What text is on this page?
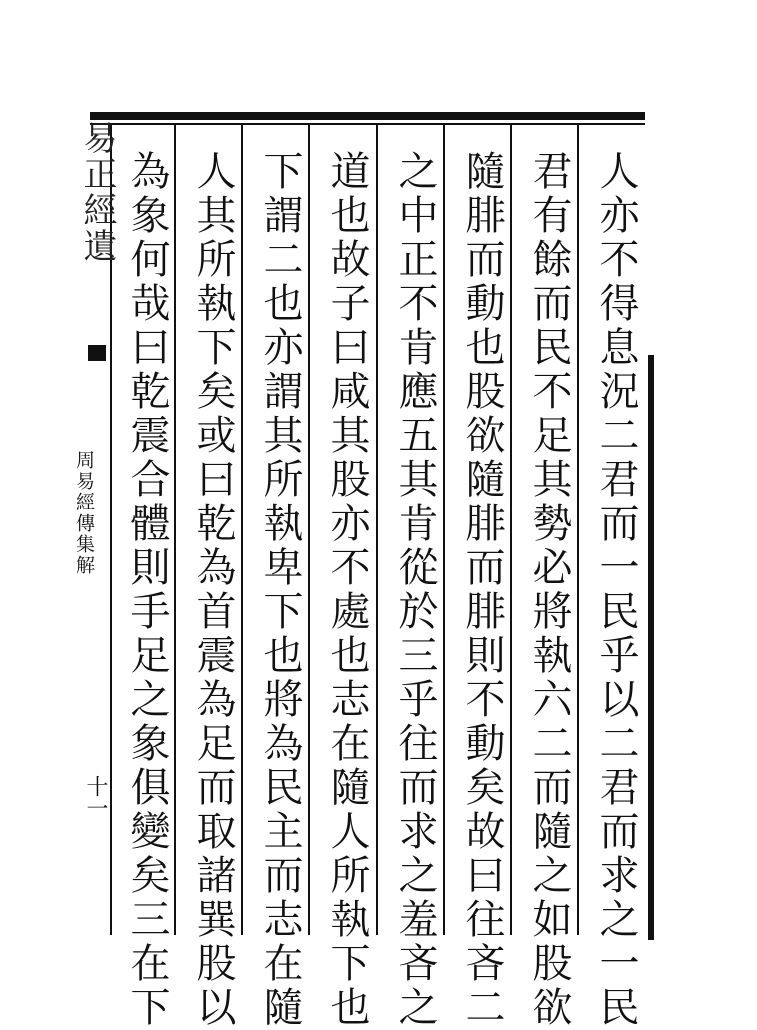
人亦不得息況二君而一民乎以二君而求之一民
君有餘而民不足其勢必將執六二而隨之如股欲
隨腓而動也股欲隨腓而腓則不動矣故曰往吝二
之中正不肯應五其肯從於三乎往而求之羞吝之
道也故子曰咸其股亦不處也志在隨人所執下也
下謂二也亦謂其所執卑下也將為民主而志在隨
人其所執下矣或曰乾為首震為足而取諸巽股以
為象何哉曰乾震合體則手足之象俱變矣三在下
易正經遺
周易經傳集解
十一
